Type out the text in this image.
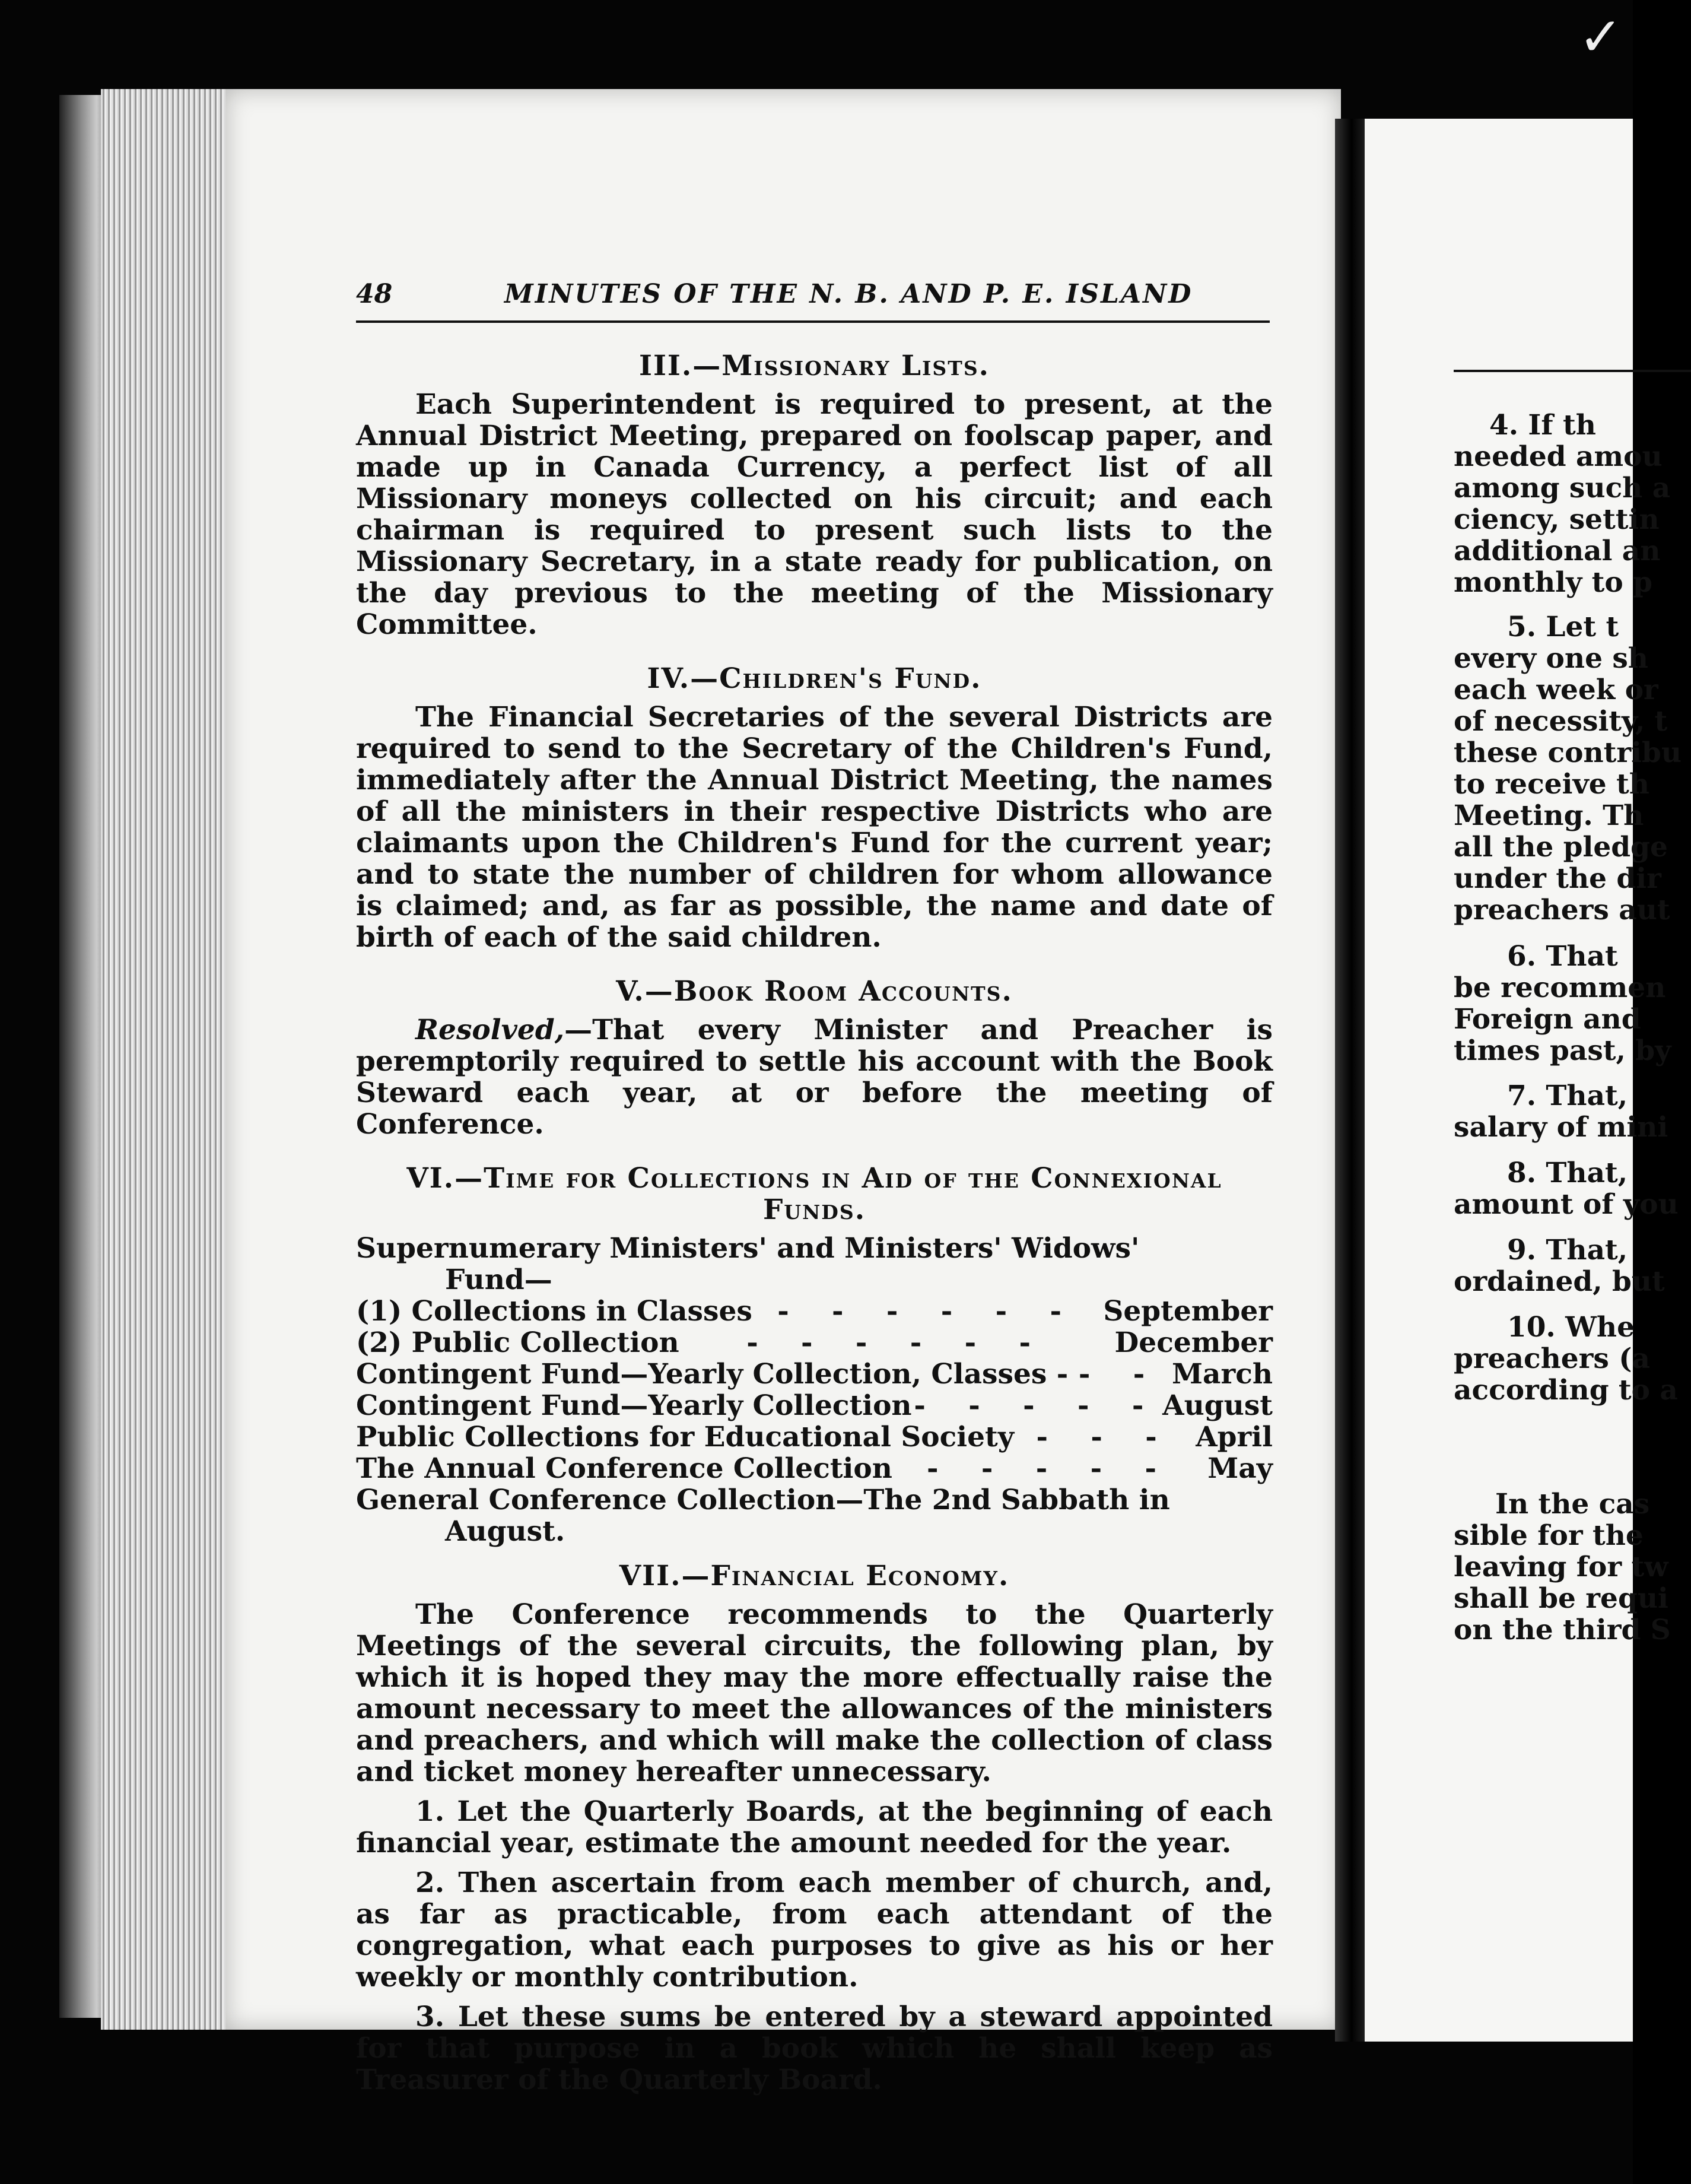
✓
48	MINUTES OF THE N. B. AND P. E. ISLAND
III.—Missionary Lists.

Each Superintendent is required to present, at the Annual District Meeting, prepared on foolscap paper, and made up in Canada Currency, a perfect list of all Missionary moneys collected on his circuit; and each chairman is required to present such lists to the Missionary Secretary, in a state ready for publication, on the day previous to the meeting of the Missionary Committee.

IV.—Children's Fund.

The Financial Secretaries of the several Districts are required to send to the Secretary of the Children's Fund, immediately after the Annual District Meeting, the names of all the ministers in their respective Districts who are claimants upon the Children's Fund for the current year; and to state the number of children for whom allowance is claimed; and, as far as possible, the name and date of birth of each of the said children.

V.—Book Room Accounts.

Resolved,—That every Minister and Preacher is peremptorily required to settle his account with the Book Steward each year, at or before the meeting of Conference.

VI.—Time for Collections in Aid of the Connexional
Funds.
Supernumerary Ministers' and Ministers' Widows'
Fund—
(1) Collections in Classes - - - - - - September
(2) Public Collection	- - - - - -	December
Contingent Fund—Yearly Collection, Classes - - - March
Contingent Fund—Yearly Collection - - - - - August
Public Collections for Educational Society - - - April
The Annual Conference Collection	- - - - -	May
General Conference Collection—The 2nd Sabbath in
August.
VII.—Financial Economy.

The Conference recommends to the Quarterly Meetings of the several circuits, the following plan, by which it is hoped they may the more effectually raise the amount necessary to meet the allowances of the ministers and preachers, and which will make the collection of class and ticket money hereafter unnecessary.

1. Let the Quarterly Boards, at the beginning of each financial year, estimate the amount needed for the year.

2. Then ascertain from each member of church, and, as far as practicable, from each attendant of the congregation, what each purposes to give as his or her weekly or monthly contribution.

3. Let these sums be entered by a steward appointed for that purpose in a book which he shall keep as Treasurer of the Quarterly Board.

4. If th
needed amou
among such a
ciency, settin
additional an
monthly to p
5. Let t
every one sh
each week or
of necessity, t
these contribu
to receive th
Meeting. Th
all the pledge
under the dir
preachers aut
6. That
be recommen
Foreign and
times past, by
7. That,
salary of mini
8. That,
amount of you
9. That,
ordained, but
10. Whe
preachers (a
according to a
In the cas
sible for the
leaving for tw
shall be requi
on the third S
